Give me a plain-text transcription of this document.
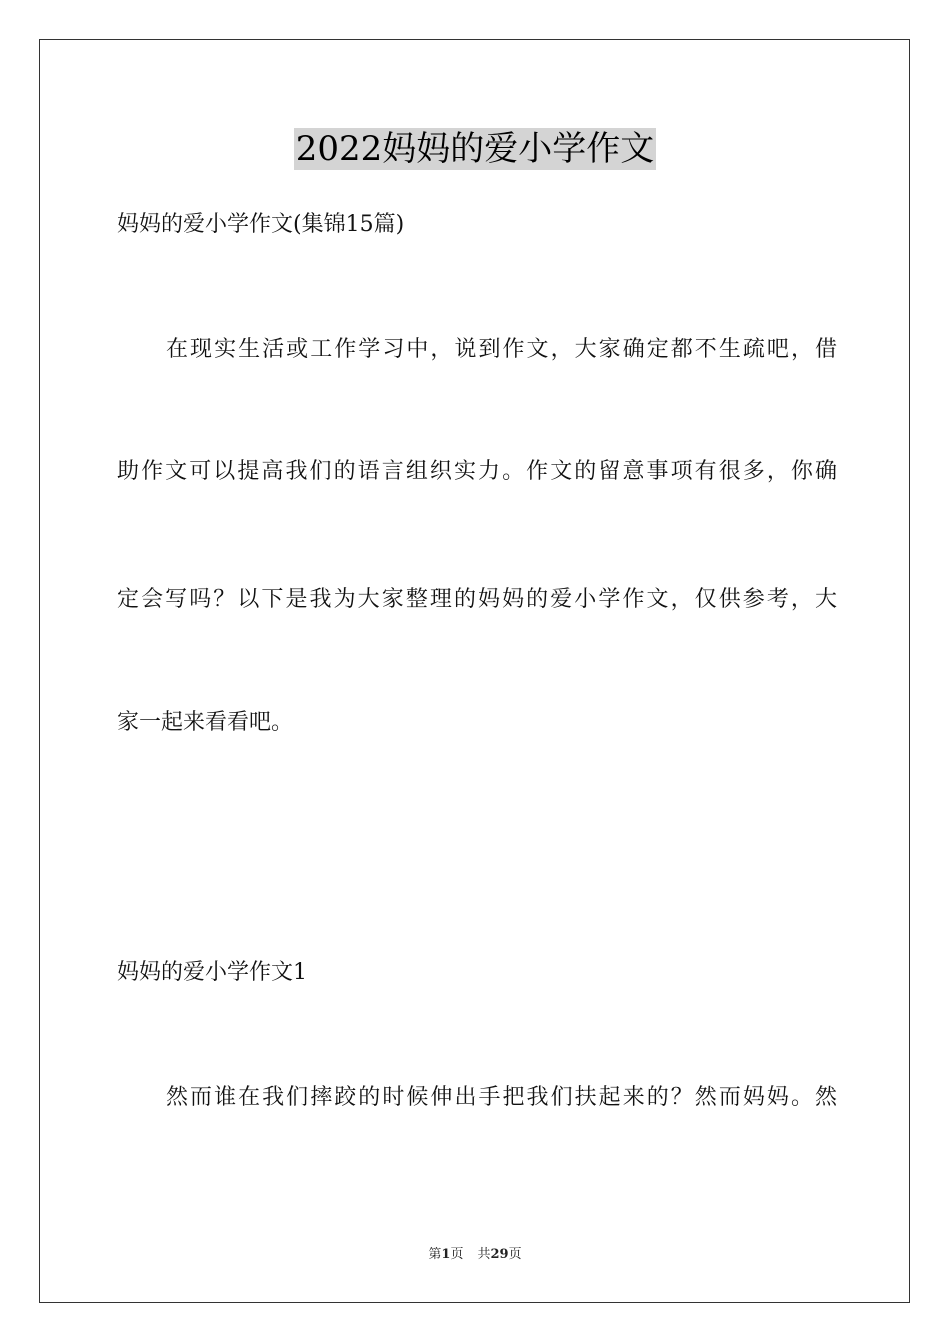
2022妈妈的爱小学作文
妈妈的爱小学作文(集锦15篇)
在现实生活或工作学习中，说到作文，大家确定都不生疏吧，借
助作文可以提高我们的语言组织实力。作文的留意事项有很多，你确
定会写吗？以下是我为大家整理的妈妈的爱小学作文，仅供参考，大
家一起来看看吧。
妈妈的爱小学作文1
然而谁在我们摔跤的时候伸出手把我们扶起来的？然而妈妈。然
第1页 共29页
